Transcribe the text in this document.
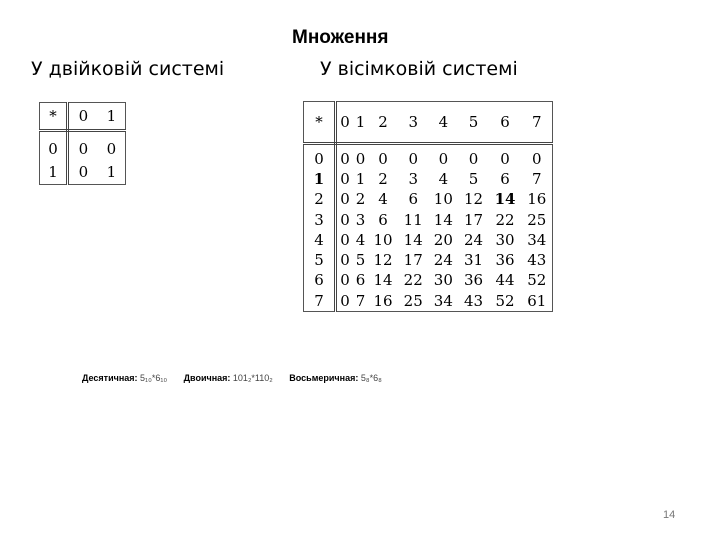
Множення
У двійковій системі	У вісімковій системі
*	0	1
0	0	0
1	0	1
*	0	1	2	3	4	5	6	7
0	0	0	0	0	0	0	0	0
1	0	1	2	3	4	5	6	7
2	0	2	4	6	10	12	14	16
3	0	3	6	11	14	17	22	25
4	0	4	10	14	20	24	30	34
5	0	5	12	17	24	31	36	43
6	0	6	14	22	30	36	44	52
7	0	7	16	25	34	43	52	61
Десятичная: 5₁₀*6₁₀ Двоичная: 101₂*110₂ Восьмеричная: 5₈*6₈
14
